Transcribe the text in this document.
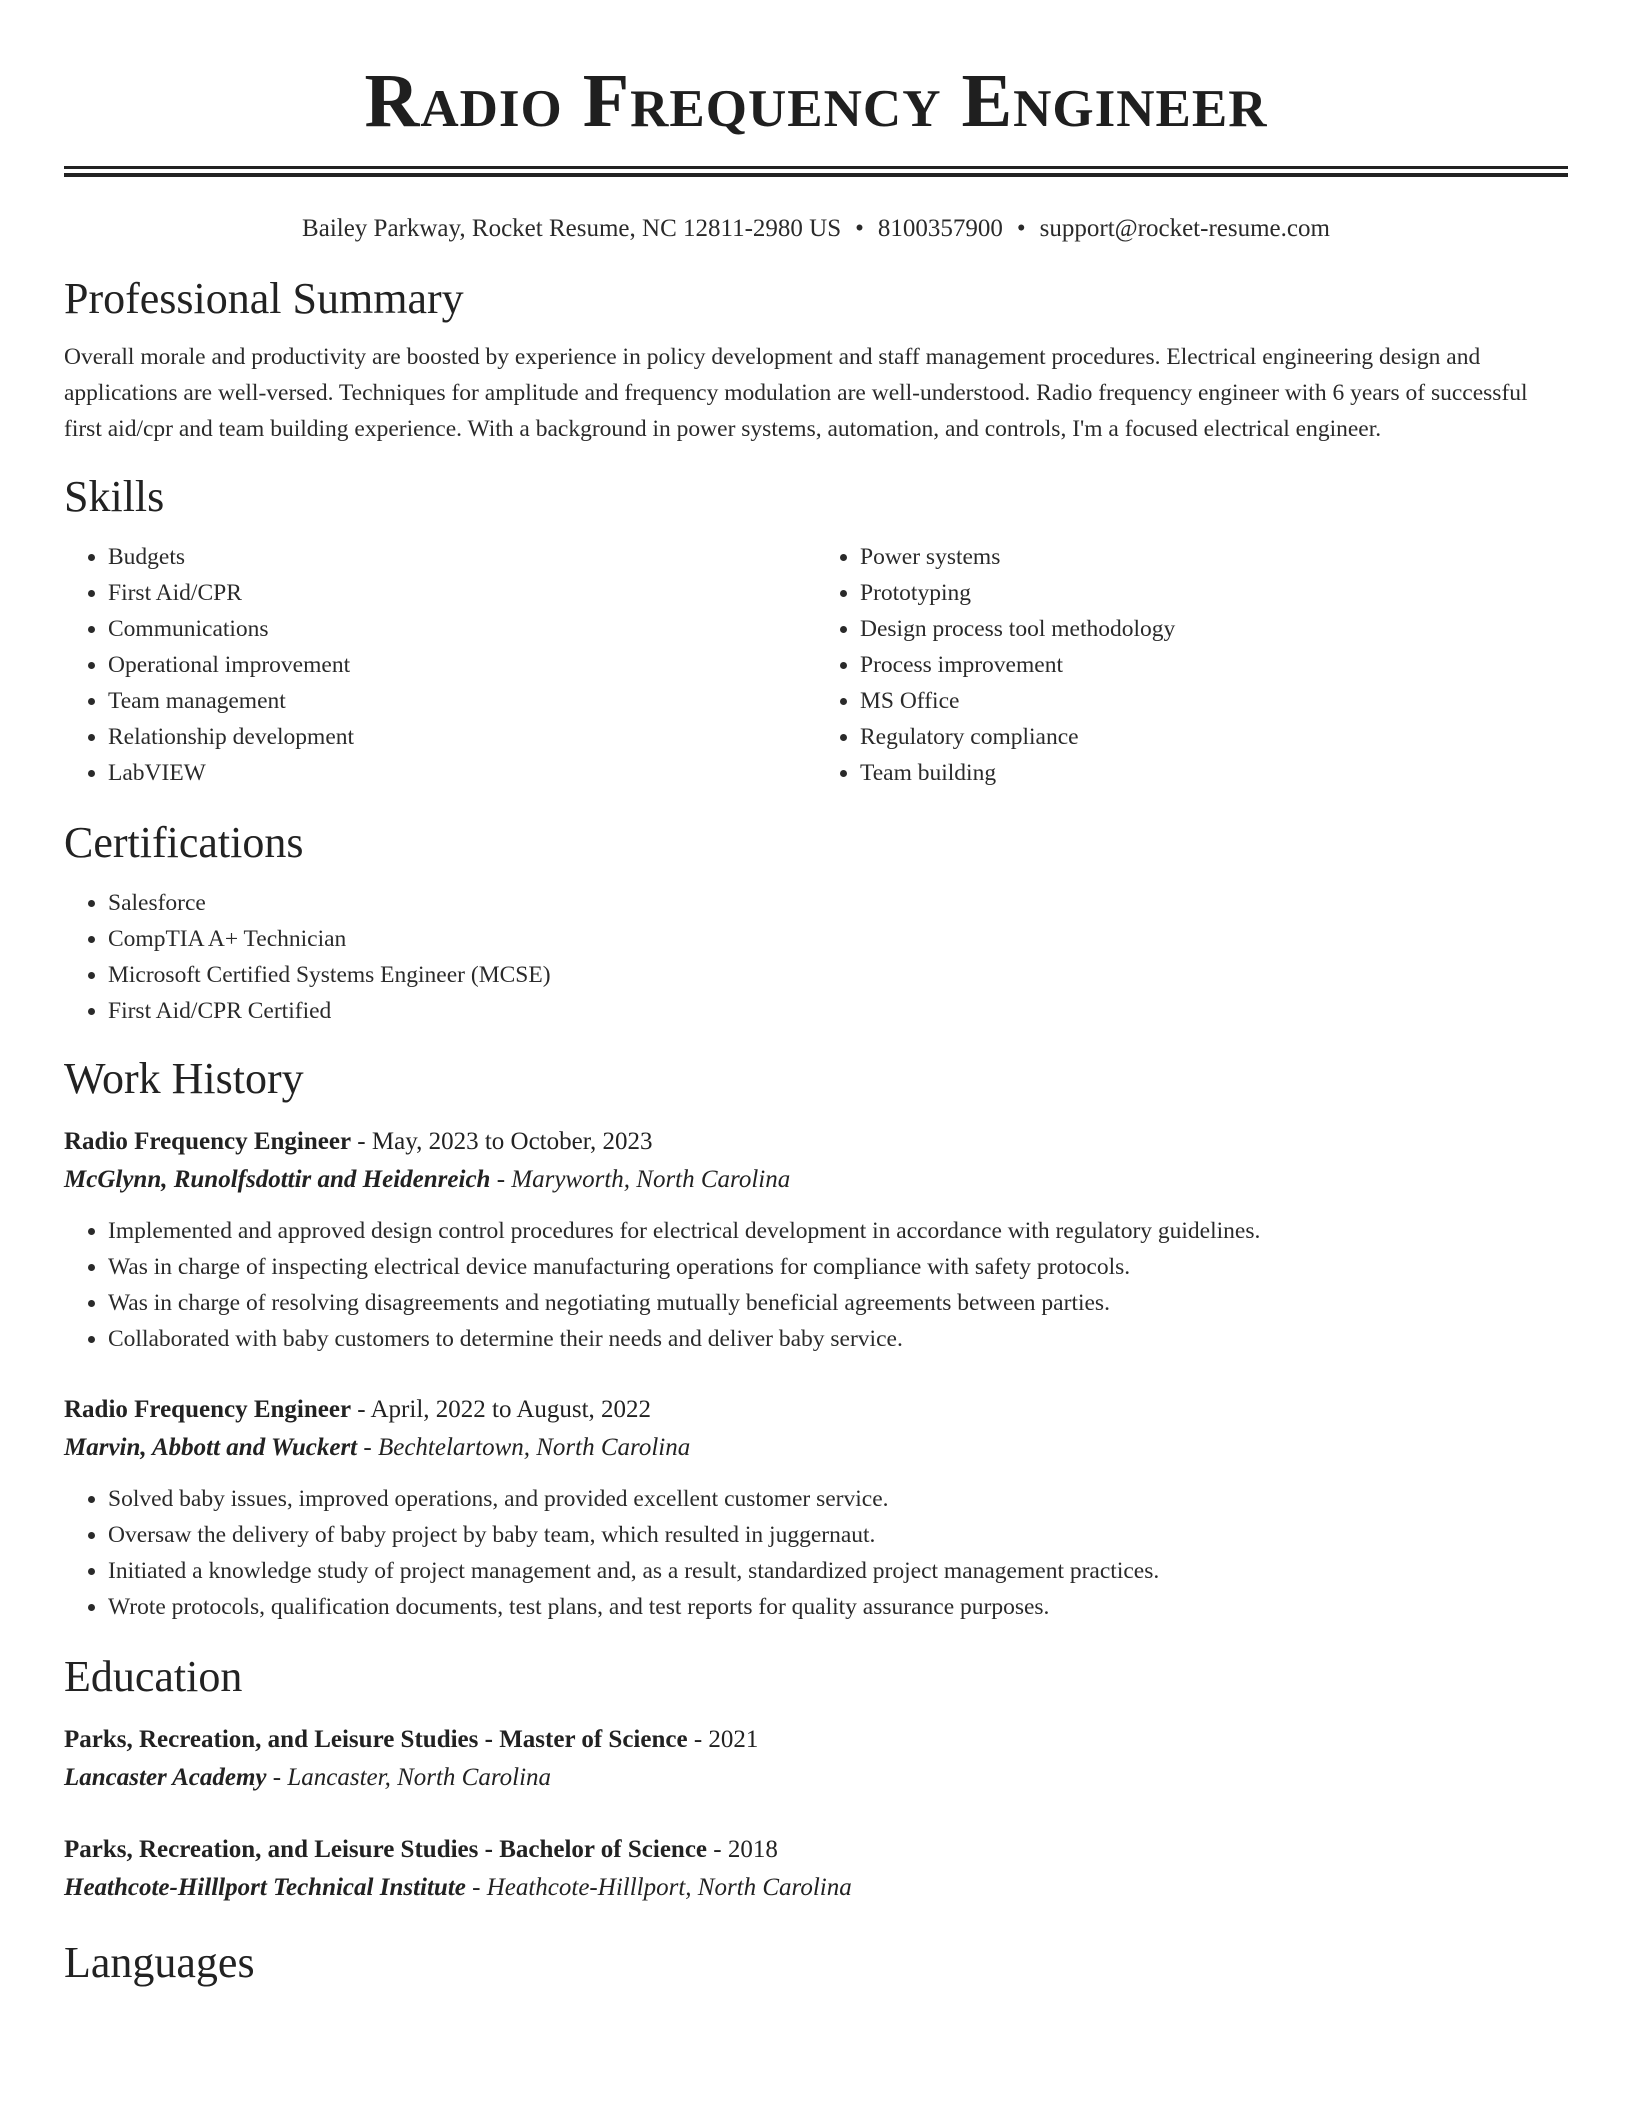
Radio Frequency Engineer
Bailey Parkway, Rocket Resume, NC 12811-2980 US • 8100357900 • support@rocket-resume.com
Professional Summary
Overall morale and productivity are boosted by experience in policy development and staff management procedures. Electrical engineering design and applications are well-versed. Techniques for amplitude and frequency modulation are well-understood. Radio frequency engineer with 6 years of successful first aid/cpr and team building experience. With a background in power systems, automation, and controls, I'm a focused electrical engineer.
Skills
• Budgets
• First Aid/CPR
• Communications
• Operational improvement
• Team management
• Relationship development
• LabVIEW
• Power systems
• Prototyping
• Design process tool methodology
• Process improvement
• MS Office
• Regulatory compliance
• Team building
Certifications
• Salesforce
• CompTIA A+ Technician
• Microsoft Certified Systems Engineer (MCSE)
• First Aid/CPR Certified
Work History
Radio Frequency Engineer - May, 2023 to October, 2023
McGlynn, Runolfsdottir and Heidenreich - Maryworth, North Carolina
• Implemented and approved design control procedures for electrical development in accordance with regulatory guidelines.
• Was in charge of inspecting electrical device manufacturing operations for compliance with safety protocols.
• Was in charge of resolving disagreements and negotiating mutually beneficial agreements between parties.
• Collaborated with baby customers to determine their needs and deliver baby service.
Radio Frequency Engineer - April, 2022 to August, 2022
Marvin, Abbott and Wuckert - Bechtelartown, North Carolina
• Solved baby issues, improved operations, and provided excellent customer service.
• Oversaw the delivery of baby project by baby team, which resulted in juggernaut.
• Initiated a knowledge study of project management and, as a result, standardized project management practices.
• Wrote protocols, qualification documents, test plans, and test reports for quality assurance purposes.
Education
Parks, Recreation, and Leisure Studies - Master of Science - 2021
Lancaster Academy - Lancaster, North Carolina
Parks, Recreation, and Leisure Studies - Bachelor of Science - 2018
Heathcote-Hilllport Technical Institute - Heathcote-Hilllport, North Carolina
Languages
